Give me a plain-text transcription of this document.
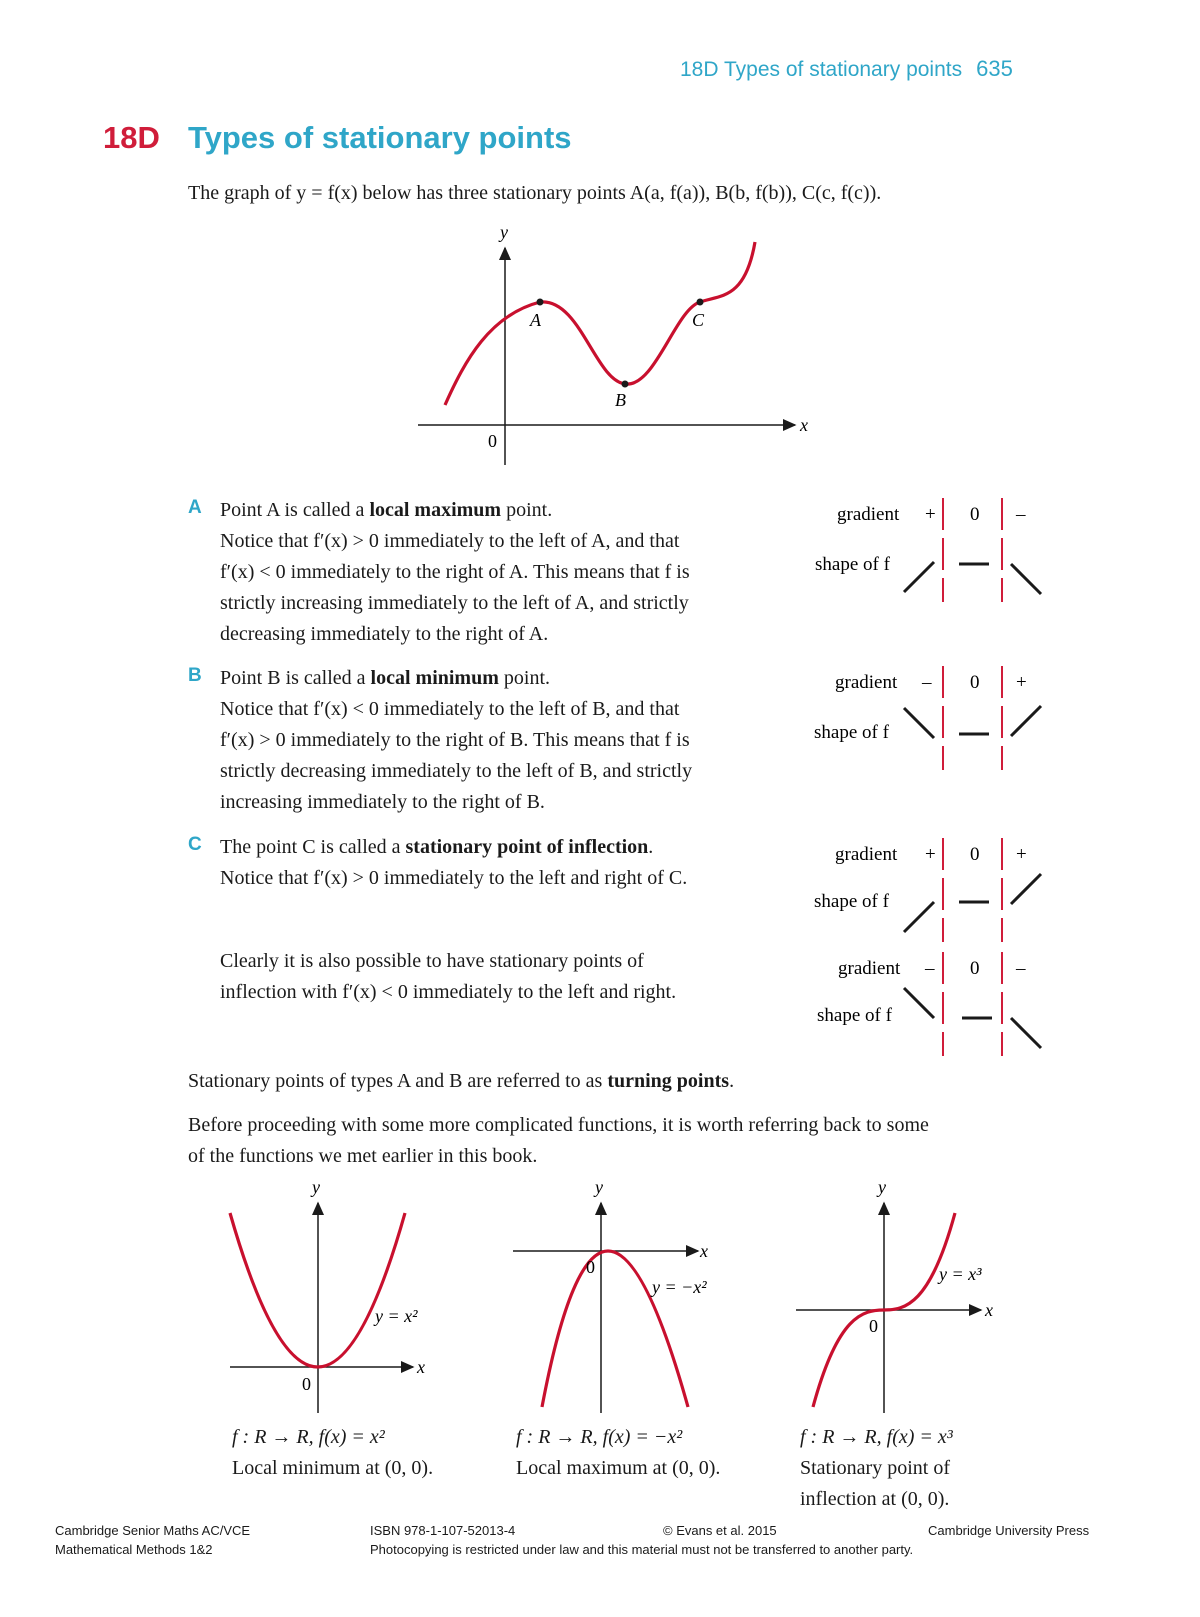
18D Types of stationary points 635
18D Types of stationary points
The graph of y = f(x) below has three stationary points A(a, f(a)), B(b, f(b)), C(c, f(c)).
y
x
0
A
B
C
A Point A is called a local maximum point.
Notice that f′(x) > 0 immediately to the left of A, and that
f′(x) < 0 immediately to the right of A. This means that f is
strictly increasing immediately to the left of A, and strictly
decreasing immediately to the right of A.
B Point B is called a local minimum point.
Notice that f′(x) < 0 immediately to the left of B, and that
f′(x) > 0 immediately to the right of B. This means that f is
strictly decreasing immediately to the left of B, and strictly
increasing immediately to the right of B.
C The point C is called a stationary point of inflection.
Notice that f′(x) > 0 immediately to the left and right of C.
Clearly it is also possible to have stationary points of
inflection with f′(x) < 0 immediately to the left and right.
gradient
shape of f
+ 0 –
gradient
shape of f
– 0 +
gradient
shape of f
+ 0 +
gradient
shape of f
– 0 –
Stationary points of types A and B are referred to as turning points.
Before proceeding with some more complicated functions, it is worth referring back to some
of the functions we met earlier in this book.
y
x
0
y = x²
y
x
0
y = −x²
y
x
0
y = x³
f : R → R, f(x) = x²
Local minimum at (0, 0).
f : R → R, f(x) = −x²
Local maximum at (0, 0).
f : R → R, f(x) = x³
Stationary point of
inflection at (0, 0).
Cambridge Senior Maths AC/VCE
Mathematical Methods 1&2
ISBN 978-1-107-52013-4	© Evans et al. 2015	Cambridge University Press
Photocopying is restricted under law and this material must not be transferred to another party.
